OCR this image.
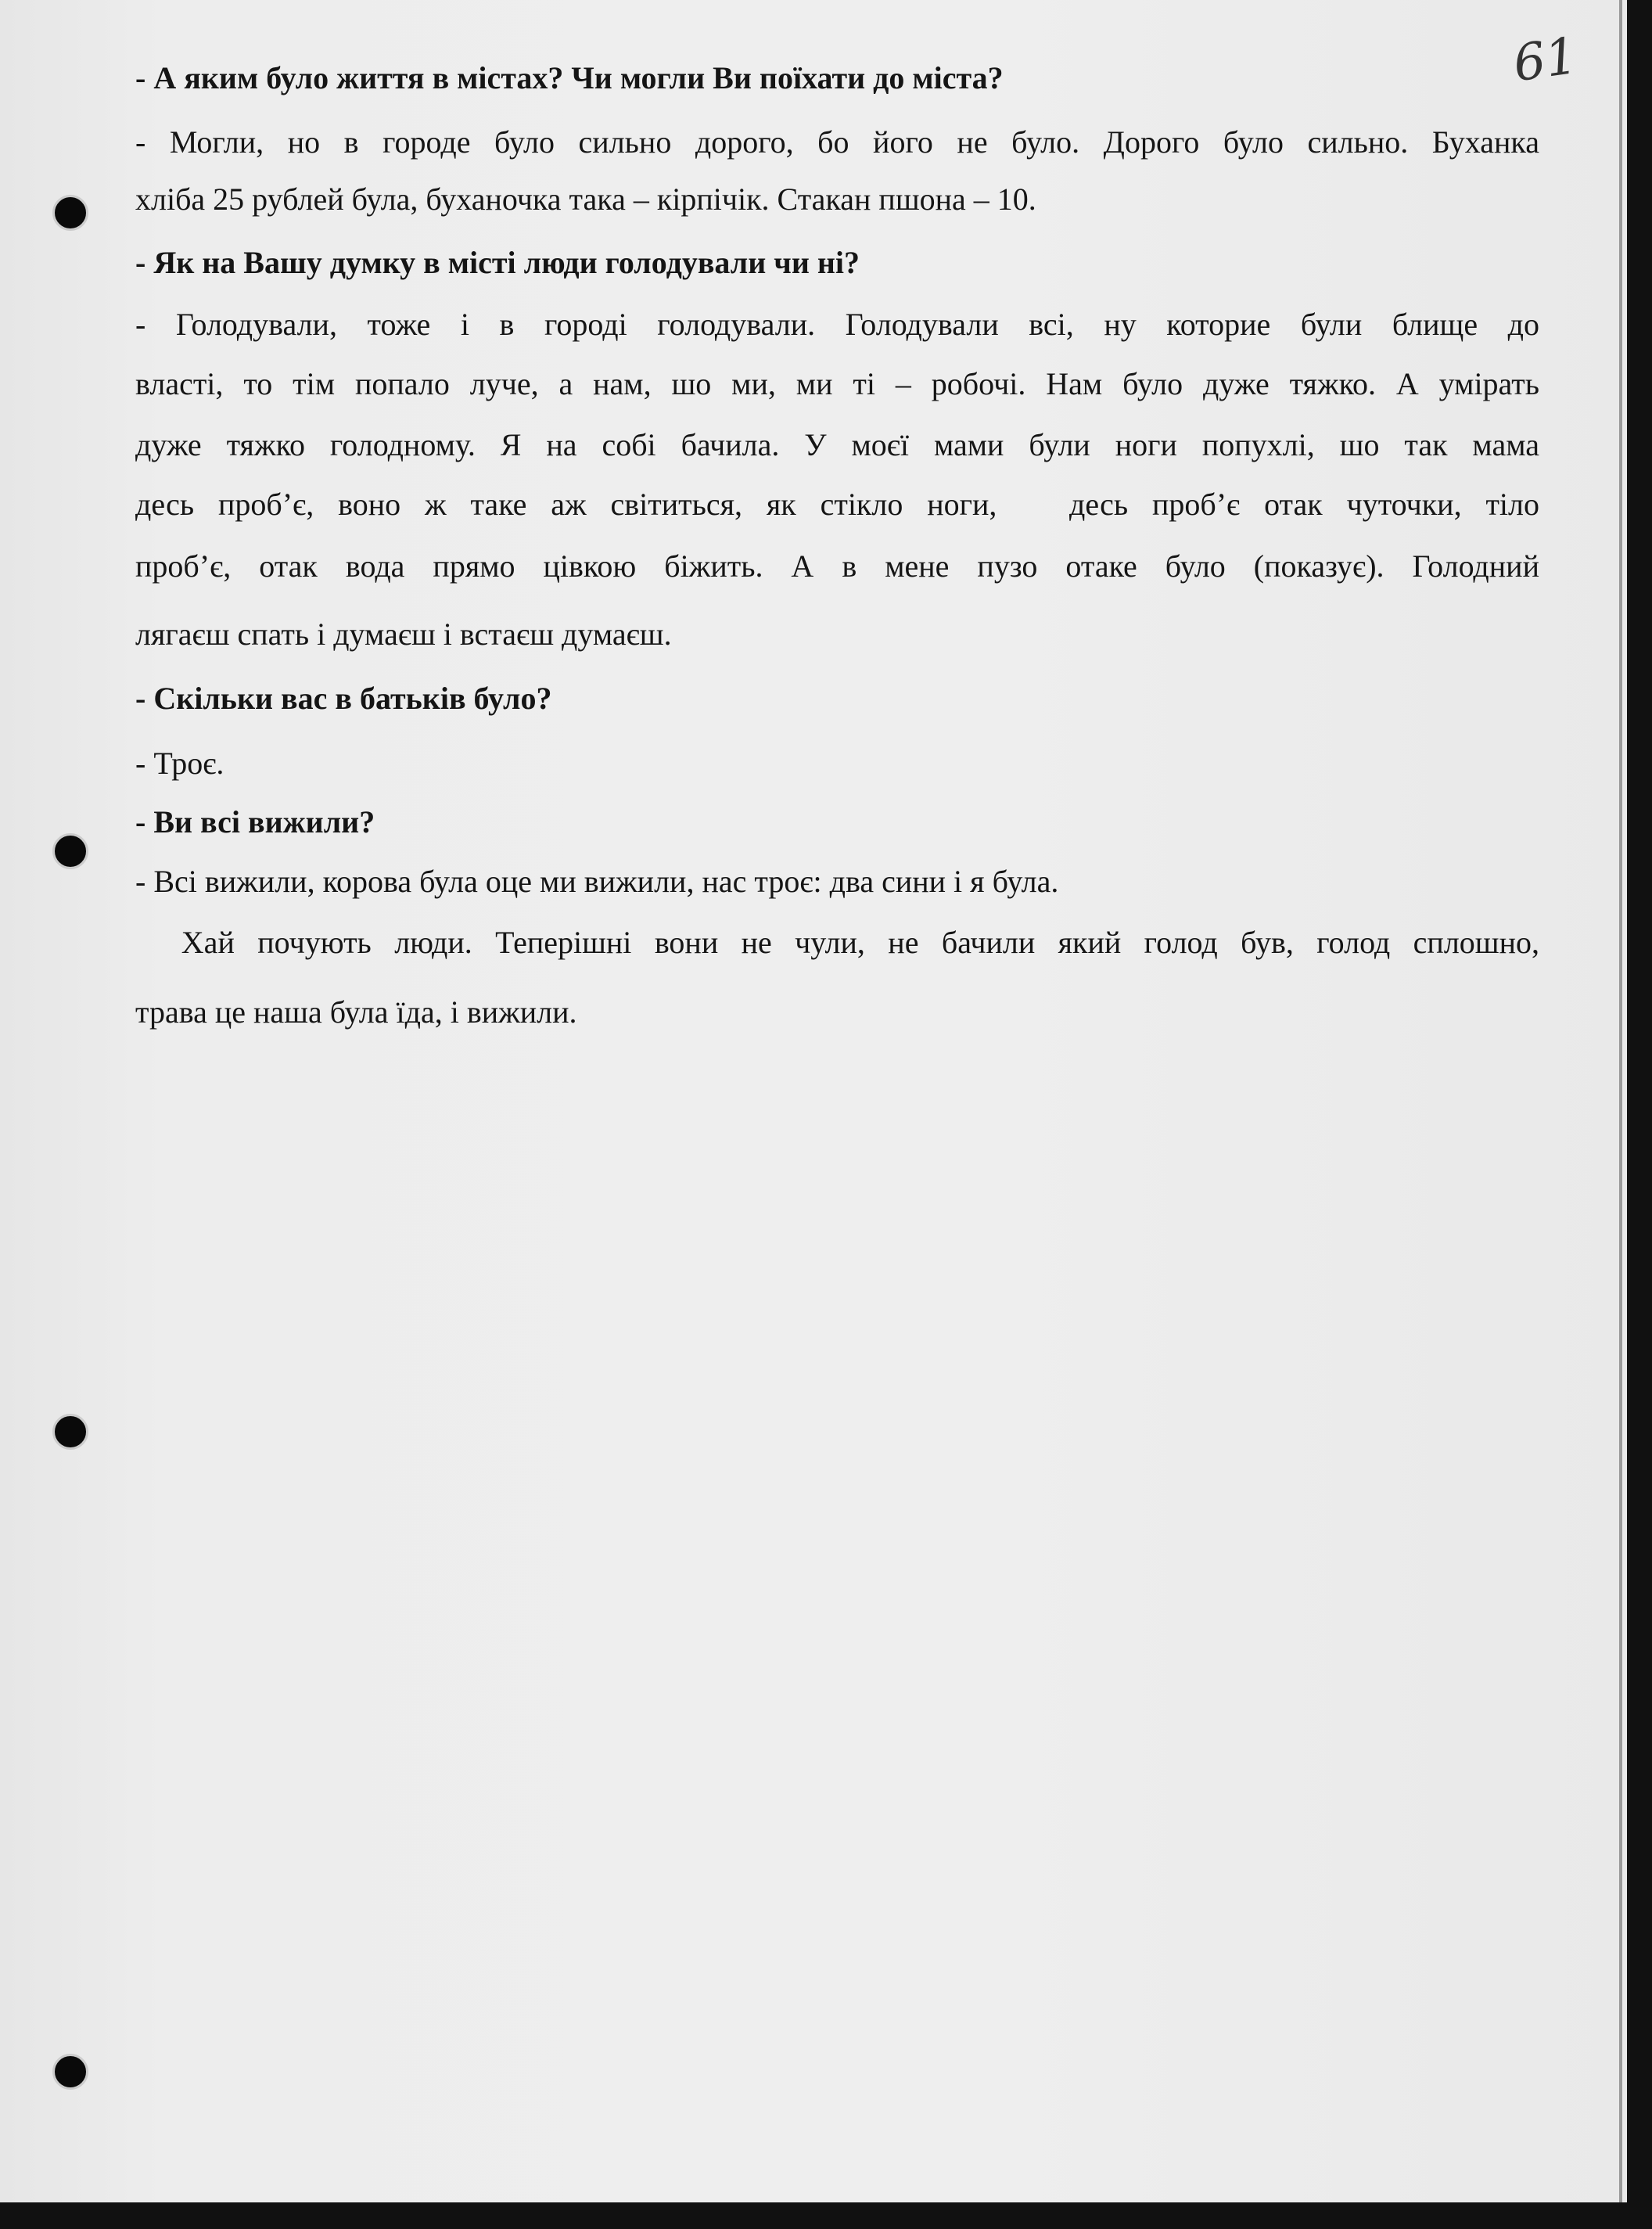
61
- А яким було життя в містах? Чи могли Ви поїхати до міста?
- Могли, но в городе було сильно дорого, бо його не було. Дорого було сильно. Буханка
хліба 25 рублей була, буханочка така – кірпічік. Стакан пшона – 10.
- Як на Вашу думку в місті люди голодували чи ні?
- Голодували, тоже і в городі голодували. Голодували всі, ну которие були блище до
власті, то тім попало луче, а нам, шо ми, ми ті – робочі. Нам було дуже тяжко. А умірать
дуже тяжко голодному. Я на собі бачила. У моєї мами були ноги попухлі, шо так мама
десь проб’є, воно ж таке аж світиться, як стікло ноги,   десь проб’є отак чуточки, тіло
проб’є, отак вода прямо цівкою біжить. А в мене пузо отаке було (показує). Голодний
лягаєш спать і думаєш і встаєш думаєш.
- Скільки вас в батьків було?
- Троє.
- Ви всі вижили?
- Всі вижили, корова була оце ми вижили, нас троє: два сини і я була.
Хай почують люди. Теперішні вони не чули, не бачили який голод був, голод сплошно,
трава це наша була їда, і вижили.
